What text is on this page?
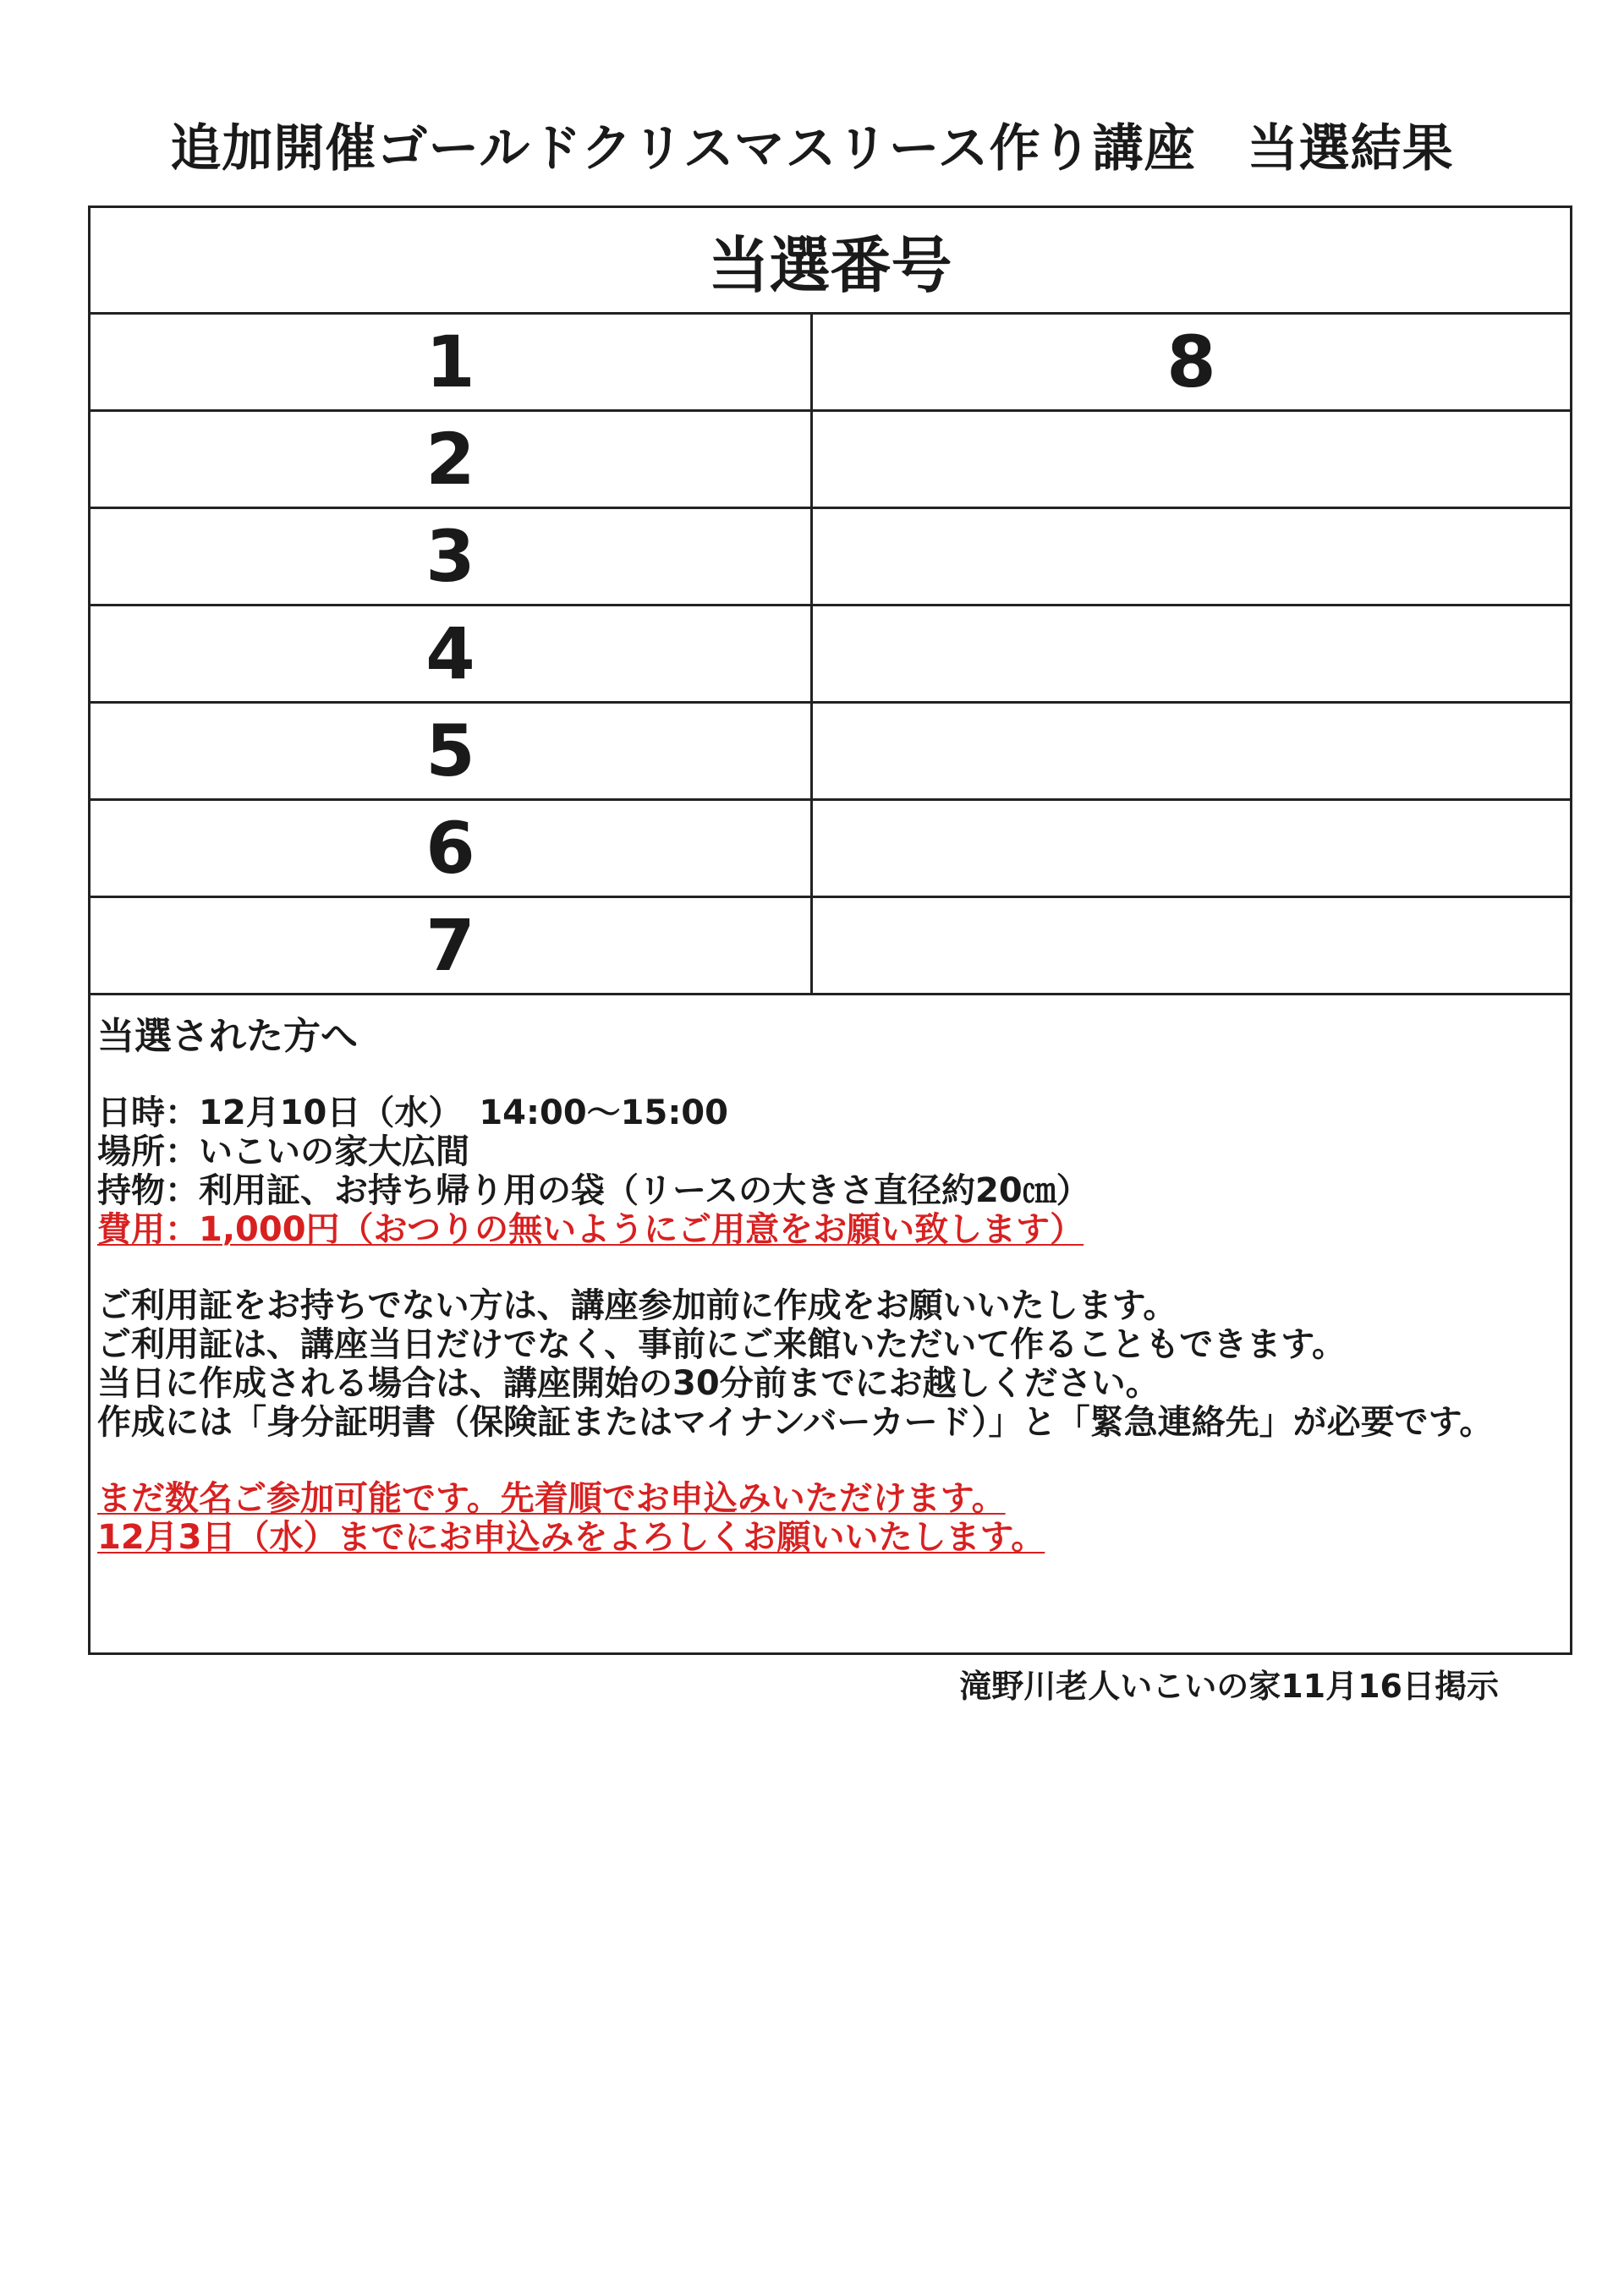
追加開催ゴールドクリスマスリース作り講座　当選結果
当選番号
1	8
2
3
4
5
6
7
当選された方へ
日時：12月10日（水）　14:00～15:00
場所：いこいの家大広間
持物：利用証、お持ち帰り用の袋（リースの大きさ直径約20㎝）
費用：1,000円（おつりの無いようにご用意をお願い致します）
ご利用証をお持ちでない方は、講座参加前に作成をお願いいたします。
ご利用証は、講座当日だけでなく、事前にご来館いただいて作ることもできます。
当日に作成される場合は、講座開始の30分前までにお越しください。
作成には「身分証明書（保険証またはマイナンバーカード）」と「緊急連絡先」が必要です。
まだ数名ご参加可能です。先着順でお申込みいただけます。
12月3日（水）までにお申込みをよろしくお願いいたします。
滝野川老人いこいの家11月16日掲示
